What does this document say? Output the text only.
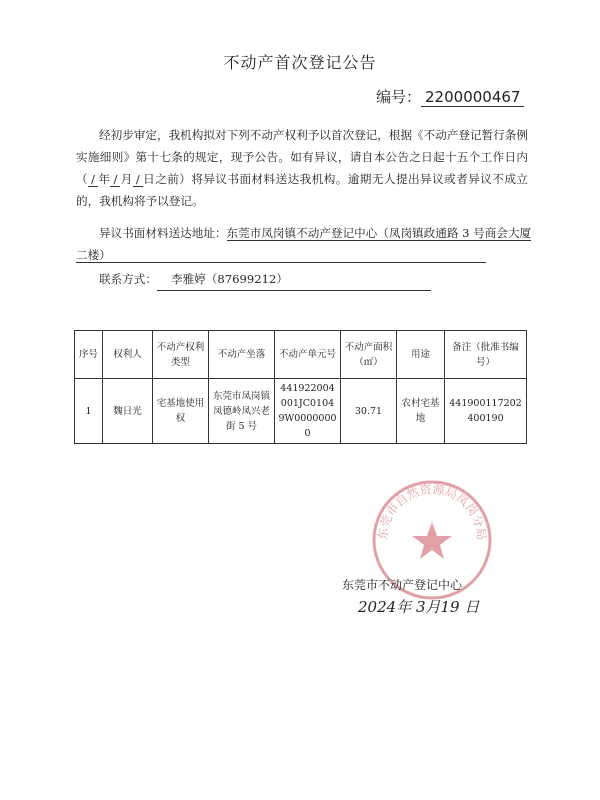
不动产首次登记公告
编号： 2200000467
经初步审定，我机构拟对下列不动产权利予以首次登记，根据《不动产登记暂行条例实施细则》第十七条的规定，现予公告。如有异议，请自本公告之日起十五个工作日内（ / 年 / 月 / 日之前）将异议书面材料送达我机构。逾期无人提出异议或者异议不成立的，我机构将予以登记。
异议书面材料送达地址：东莞市凤岗镇不动产登记中心（凤岗镇政通路 3 号商会大厦二楼）
联系方式： 李雅婷（87699212）
序号	权利人	不动产权利类型	不动产坐落	不动产单元号	不动产面积（㎡）	用途	备注（批准书编号）
1	魏日光	宅基地使用权	东莞市凤岗镇凤德岭凤兴老街 5 号	441922004001JC01049W00000000	30.71	农村宅基地	441900117202400190
东莞市自然资源局凤岗分局
东莞市不动产登记中心
2024年 3月19 日
